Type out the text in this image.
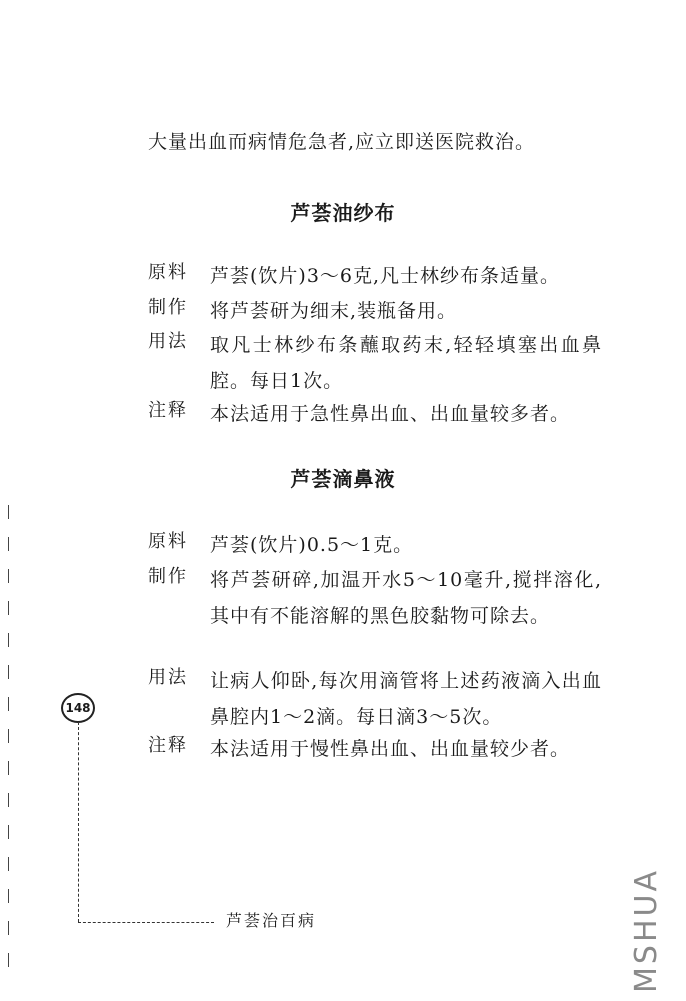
大量出血而病情危急者,应立即送医院救治。
芦荟油纱布
原料	芦荟(饮片)3～6克,凡士林纱布条适量。
制作	将芦荟研为细末,装瓶备用。
用法	取凡士林纱布条蘸取药末,轻轻填塞出血鼻腔。每日1次。
注释	本法适用于急性鼻出血、出血量较多者。
芦荟滴鼻液
原料	芦荟(饮片)0.5～1克。
制作	将芦荟研碎,加温开水5～10毫升,搅拌溶化,其中有不能溶解的黑色胶黏物可除去。
用法	让病人仰卧,每次用滴管将上述药液滴入出血鼻腔内1～2滴。每日滴3～5次。
注释	本法适用于慢性鼻出血、出血量较少者。
148
芦荟治百病	MSHUA
